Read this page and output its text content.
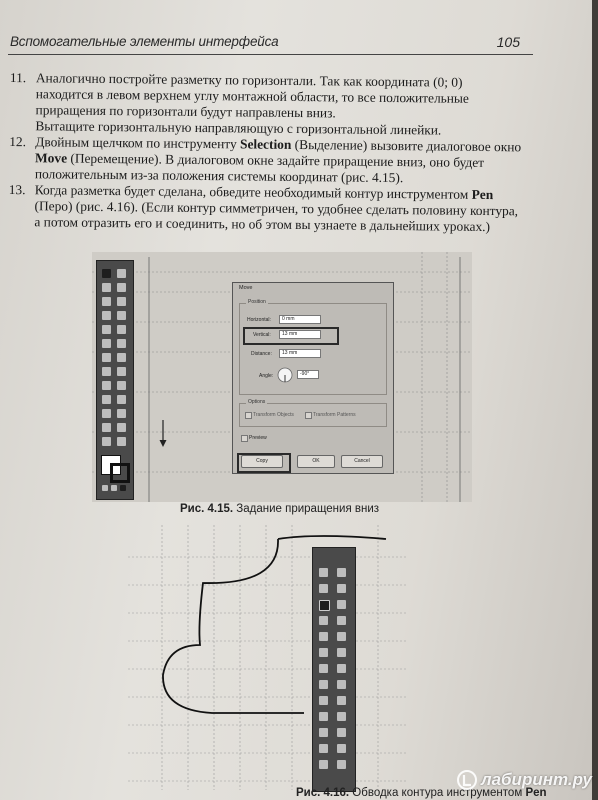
Вспомогательные элементы интерфейса	105
11. Аналогично постройте разметку по горизонтали. Так как координата (0; 0) находится в левом верхнем углу монтажной области, то все положительные приращения по горизонтали будут направлены вниз.
Вытащите горизонтальную направляющую с горизонтальной линейки.
12. Двойным щелчком по инструменту Selection (Выделение) вызовите диалоговое окно Move (Перемещение). В диалоговом окне задайте приращение вниз, оно будет положительным из-за положения системы координат (рис. 4.15).
13. Когда разметка будет сделана, обведите необходимый контур инструментом Pen (Перо) (рис. 4.16). (Если контур симметричен, то удобнее сделать половину контура, а потом отразить его и соединить, но об этом вы узнаете в дальнейших уроках.)
Move
Position
Horizontal:	0 mm
Vertical:	13 mm
Distance:	13 mm
Angle:	-90°
Options
Transform Objects	Transform Patterns
Preview
Copy	OK	Cancel
Рис. 4.15. Задание приращения вниз
Рис. 4.16. Обводка контура инструментом Pen
лабиринт.ру
